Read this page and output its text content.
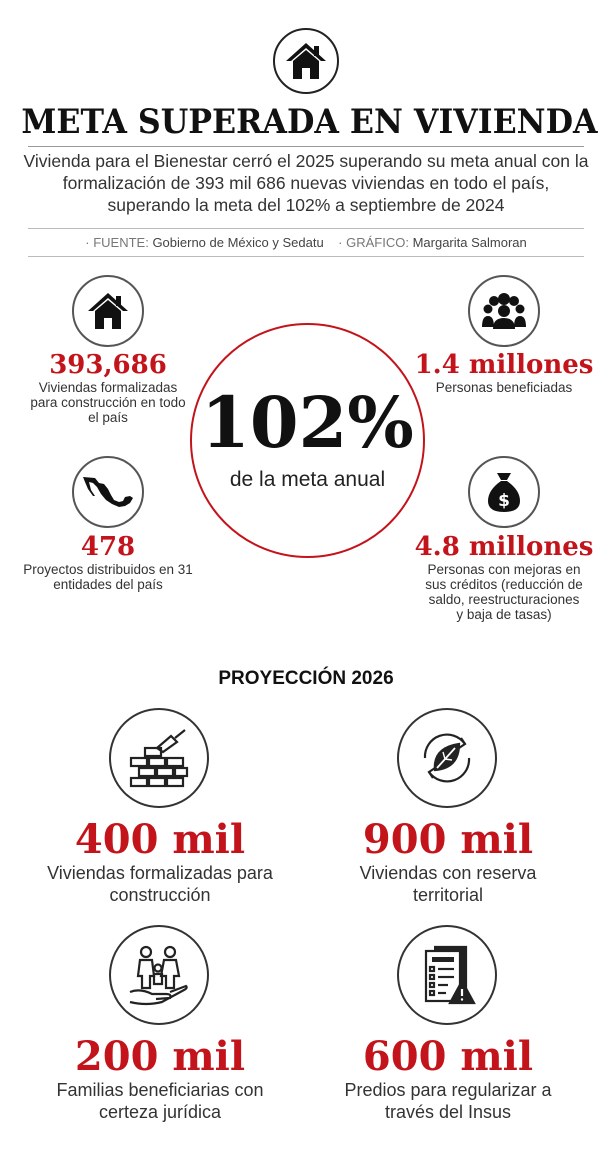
META SUPERADA EN VIVIENDA
Vivienda para el Bienestar cerró el 2025 superando su meta anual con la formalización de 393 mil 686 nuevas viviendas en todo el país, superando la meta del 102% a septiembre de 2024
· FUENTE: Gobierno de México y Sedatu · GRÁFICO: Margarita Salmoran
102%
de la meta anual
393,686
Viviendas formalizadas para construcción en todo el país
1.4 millones
Personas beneficiadas
478
Proyectos distribuidos en 31 entidades del país
$
4.8 millones
Personas con mejoras en sus créditos (reducción de saldo, reestructuraciones y baja de tasas)
PROYECCIÓN 2026
400 mil
Viviendas formalizadas para construcción
900 mil
Viviendas con reserva territorial
200 mil
Familias beneficiarias con certeza jurídica
600 mil
Predios para regularizar a través del Insus
